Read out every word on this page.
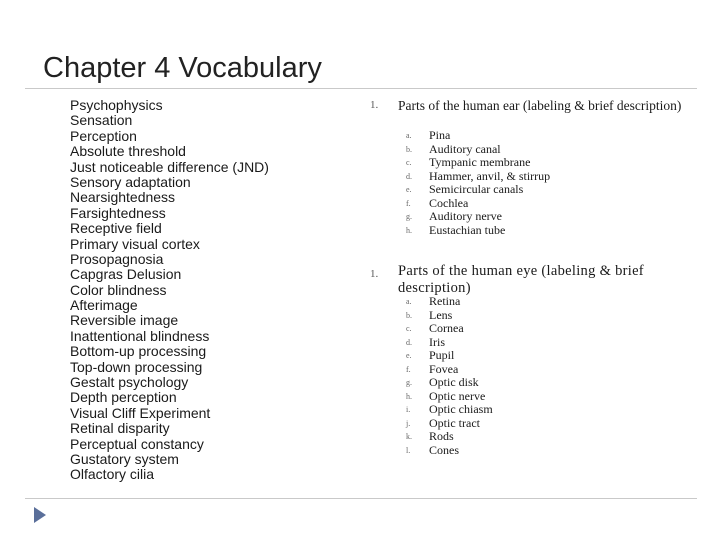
Chapter 4 Vocabulary
Psychophysics
Sensation
Perception
Absolute threshold
Just noticeable difference (JND)
Sensory adaptation
Nearsightedness
Farsightedness
Receptive field
Primary visual cortex
Prosopagnosia
Capgras Delusion
Color blindness
Afterimage
Reversible image
Inattentional blindness
Bottom-up processing
Top-down processing
Gestalt psychology
Depth perception
Visual Cliff Experiment
Retinal disparity
Perceptual constancy
Gustatory system
Olfactory cilia
1. Parts of the human ear (labeling & brief description)
a.	Pina
b.	Auditory canal
c.	Tympanic membrane
d.	Hammer, anvil, & stirrup
e.	Semicircular canals
f.	Cochlea
g.	Auditory nerve
h.	Eustachian tube
1. Parts of the human eye (labeling & brief description)
a.	Retina
b.	Lens
c.	Cornea
d.	Iris
e.	Pupil
f.	Fovea
g.	Optic disk
h.	Optic nerve
i.	Optic chiasm
j.	Optic tract
k.	Rods
l.	Cones
